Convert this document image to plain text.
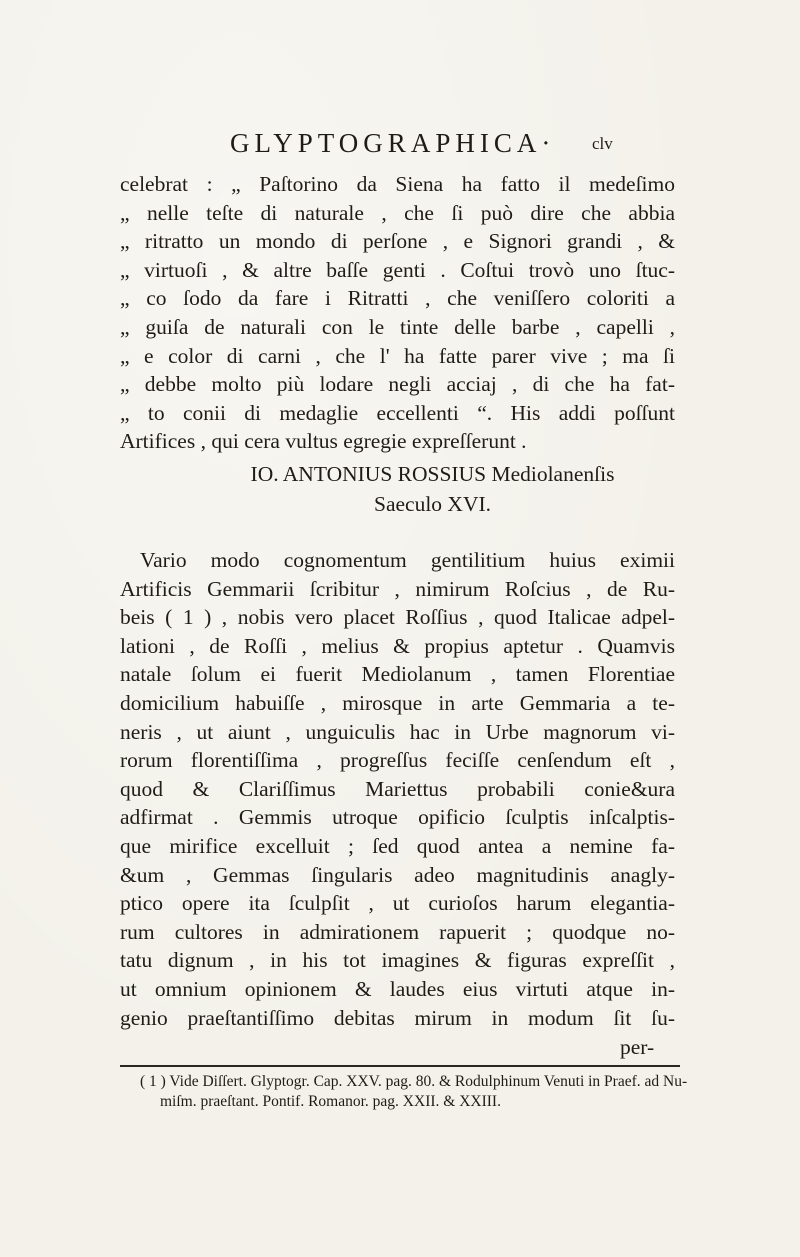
GLYPTOGRAPHICA· clv
celebrat : „ Paſtorino da Siena ha fatto il medeſimo
„ nelle teſte di naturale , che ſi può dire che abbia
„ ritratto un mondo di perſone , e Signori grandi , &
„ virtuoſi , & altre baſſe genti . Coſtui trovò uno ſtuc-
„ co ſodo da fare i Ritratti , che veniſſero coloriti a
„ guiſa de naturali con le tinte delle barbe , capelli ,
„ e color di carni , che l' ha fatte parer vive ; ma ſi
„ debbe molto più lodare negli acciaj , di che ha fat-
„ to conii di medaglie eccellenti “. His addi poſſunt
Artifices , qui cera vultus egregie expreſſerunt .
IO. ANTONIUS ROSSIUS Mediolanenſis
Saeculo XVI.
Vario modo cognomentum gentilitium huius eximii
Artificis Gemmarii ſcribitur , nimirum Roſcius , de Ru-
beis ( 1 ) , nobis vero placet Roſſius , quod Italicae adpel-
lationi , de Roſſi , melius & propius aptetur . Quamvis
natale ſolum ei fuerit Mediolanum , tamen Florentiae
domicilium habuiſſe , mirosque in arte Gemmaria a te-
neris , ut aiunt , unguiculis hac in Urbe magnorum vi-
rorum florentiſſima , progreſſus feciſſe cenſendum eſt ,
quod & Clariſſimus Mariettus probabili conie&ura
adfirmat . Gemmis utroque opificio ſculptis inſcalptis-
que mirifice excelluit ; ſed quod antea a nemine fa-
&um , Gemmas ſingularis adeo magnitudinis anagly-
ptico opere ita ſculpſit , ut curioſos harum elegantia-
rum cultores in admirationem rapuerit ; quodque no-
tatu dignum , in his tot imagines & figuras expreſſit ,
ut omnium opinionem & laudes eius virtuti atque in-
genio praeſtantiſſimo debitas mirum in modum ſit ſu-
per-
( 1 ) Vide Diſſert. Glyptogr. Cap. XXV. pag. 80. & Rodulphinum Venuti in Praef. ad Nu-
miſm. praeſtant. Pontif. Romanor. pag. XXII. & XXIII.
